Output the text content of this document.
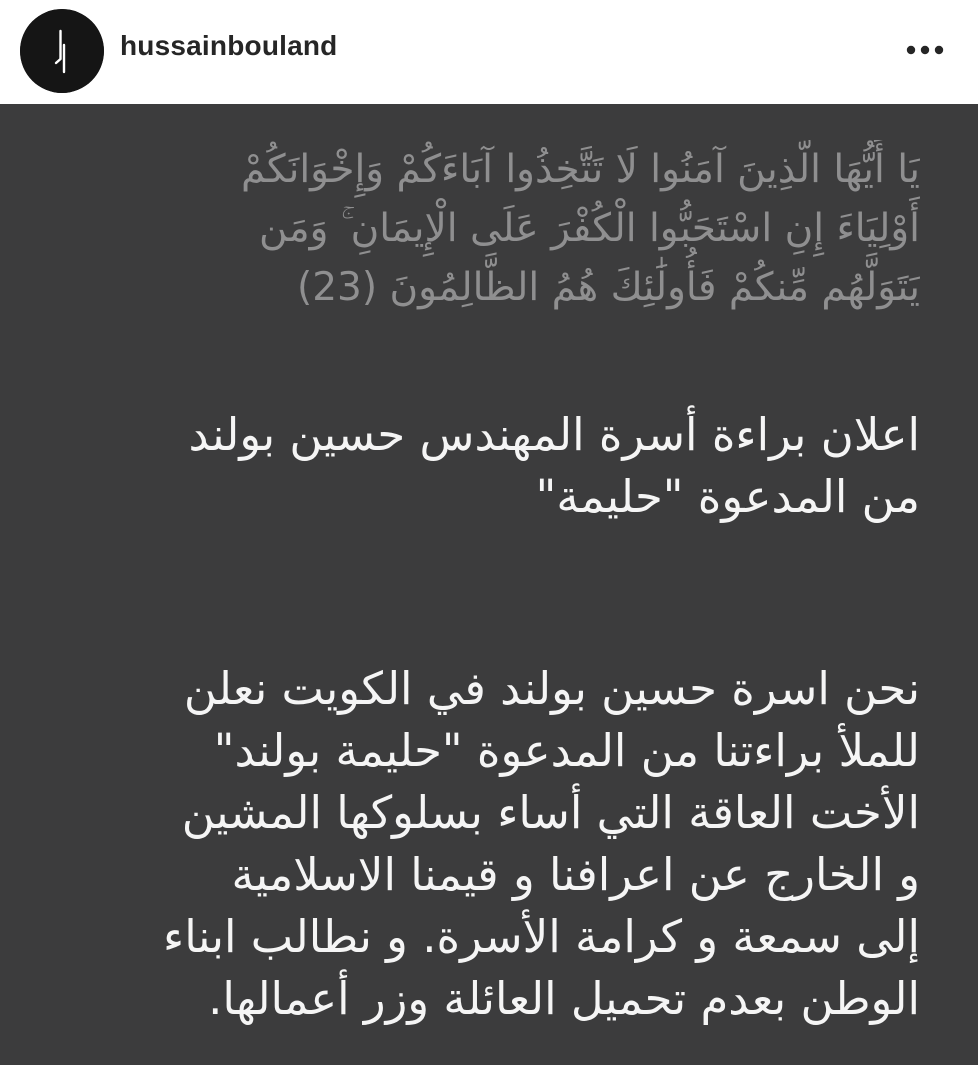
hussainbouland
يَا أَيُّهَا الَّذِينَ آمَنُوا لَا تَتَّخِذُوا آبَاءَكُمْ وَإِخْوَانَكُمْ
أَوْلِيَاءَ إِنِ اسْتَحَبُّوا الْكُفْرَ عَلَى الْإِيمَانِ ۚ وَمَن
يَتَوَلَّهُم مِّنكُمْ فَأُولَٰئِكَ هُمُ الظَّالِمُونَ (23)
اعلان براءة أسرة المهندس حسين بولند
من المدعوة "حليمة"
نحن اسرة حسين بولند في الكويت نعلن
للملأ براءتنا من المدعوة "حليمة بولند"
الأخت العاقة التي أساء بسلوكها المشين
و الخارج عن اعرافنا و قيمنا الاسلامية
إلى سمعة و كرامة الأسرة. و نطالب ابناء
الوطن بعدم تحميل العائلة وزر أعمالها.
